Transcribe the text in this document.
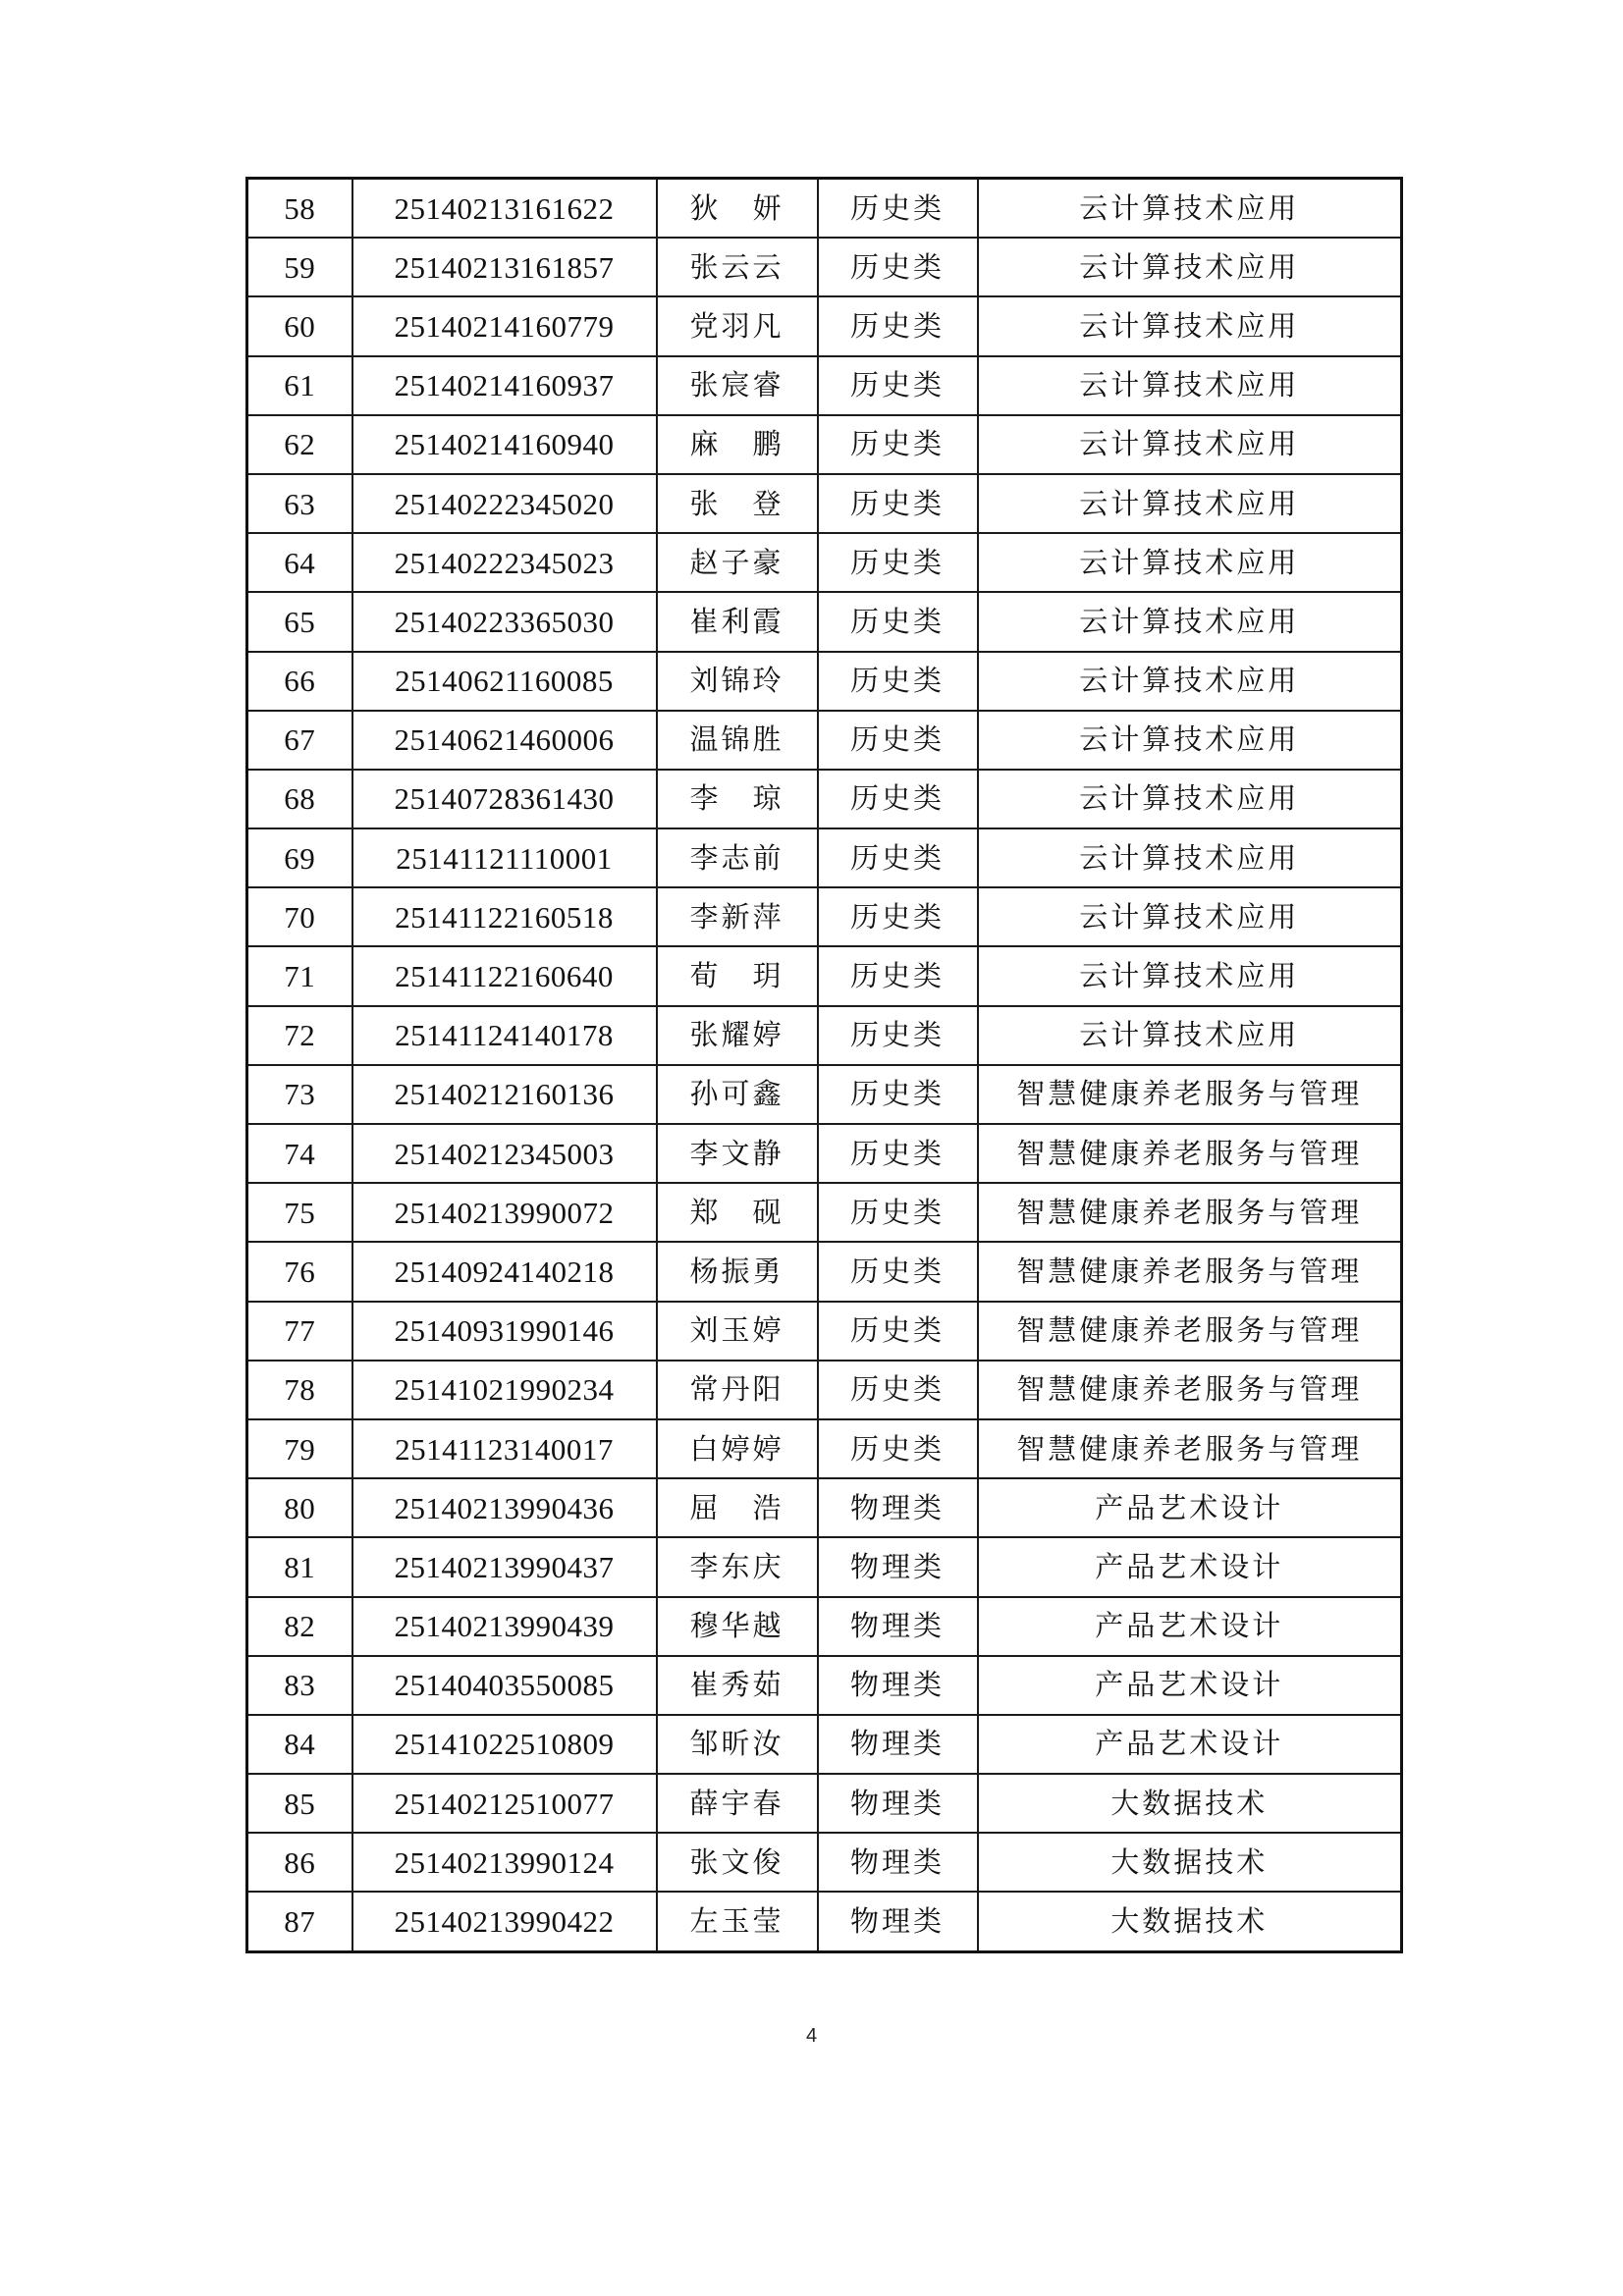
58	25140213161622	狄　妍	历史类	云计算技术应用
59	25140213161857	张云云	历史类	云计算技术应用
60	25140214160779	党羽凡	历史类	云计算技术应用
61	25140214160937	张宸睿	历史类	云计算技术应用
62	25140214160940	麻　鹏	历史类	云计算技术应用
63	25140222345020	张　登	历史类	云计算技术应用
64	25140222345023	赵子豪	历史类	云计算技术应用
65	25140223365030	崔利霞	历史类	云计算技术应用
66	25140621160085	刘锦玲	历史类	云计算技术应用
67	25140621460006	温锦胜	历史类	云计算技术应用
68	25140728361430	李　琼	历史类	云计算技术应用
69	25141121110001	李志前	历史类	云计算技术应用
70	25141122160518	李新萍	历史类	云计算技术应用
71	25141122160640	荀　玥	历史类	云计算技术应用
72	25141124140178	张耀婷	历史类	云计算技术应用
73	25140212160136	孙可鑫	历史类	智慧健康养老服务与管理
74	25140212345003	李文静	历史类	智慧健康养老服务与管理
75	25140213990072	郑　砚	历史类	智慧健康养老服务与管理
76	25140924140218	杨振勇	历史类	智慧健康养老服务与管理
77	25140931990146	刘玉婷	历史类	智慧健康养老服务与管理
78	25141021990234	常丹阳	历史类	智慧健康养老服务与管理
79	25141123140017	白婷婷	历史类	智慧健康养老服务与管理
80	25140213990436	屈　浩	物理类	产品艺术设计
81	25140213990437	李东庆	物理类	产品艺术设计
82	25140213990439	穆华越	物理类	产品艺术设计
83	25140403550085	崔秀茹	物理类	产品艺术设计
84	25141022510809	邹昕汝	物理类	产品艺术设计
85	25140212510077	薛宇春	物理类	大数据技术
86	25140213990124	张文俊	物理类	大数据技术
87	25140213990422	左玉莹	物理类	大数据技术
4
